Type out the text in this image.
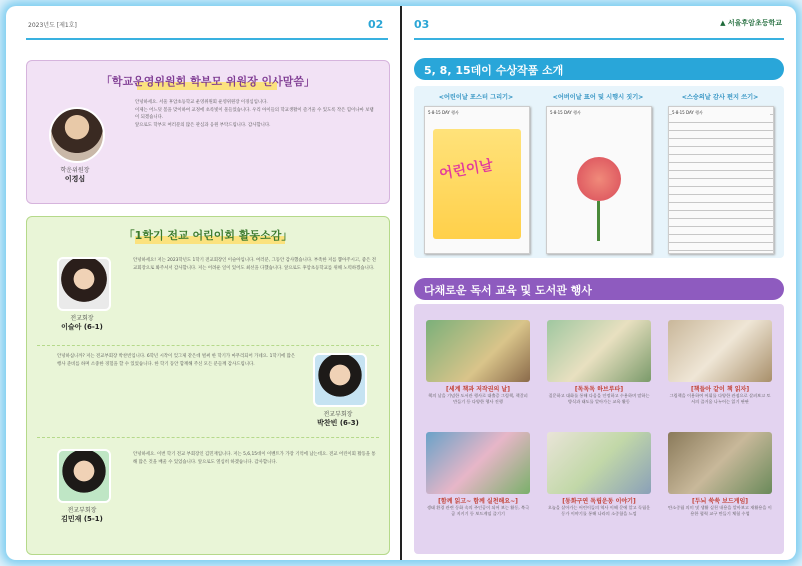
2023년도 [제1호]	02
「학교운영위원회 학부모 위원장 인사말씀」
학운위원장
이경심
안녕하세요. 서울 후암초등학교 운영위원회 운영위원장 이경심입니다.
이제는 어느덧 봄을 맞이하여 교정에 초록빛이 물들었습니다. 우리 아이들의 학교생활이 즐거울 수 있도록 작은 힘이나마 보탬이 되겠습니다.
앞으로도 학부모 여러분의 많은 관심과 응원 부탁드립니다. 감사합니다.
「1학기 전교 어린이회 활동소감」
전교회장
이슬아 (6-1)
안녕하세요! 저는 2023학년도 1학기 전교회장인 이슬아입니다. 여러분, 그동안 감사했습니다. 부족한 저를 뽑아주시고, 좋은 전교회장으로 봐주셔서 감사합니다. 저는 어려운 일이 있어도 최선을 다했습니다. 앞으로도 후암초등학교를 위해 노력하겠습니다.
안녕하십니까? 저는 전교부회장 박찬빈입니다. 6학년 시작이 엊그제 같은데 벌써 한 학기가 마무리되어 가네요. 1학기에 많은 행사 준비를 하며 소중한 경험을 할 수 있었습니다. 한 학기 동안 함께해 주신 모든 분들께 감사드립니다.
전교부회장
박찬빈 (6-3)
전교부회장
김민재 (5-1)
안녕하세요. 이번 학기 전교 부회장인 김민재입니다. 저는 5,6,15데이 이벤트가 가장 기억에 남는데요. 전교 어린이회 활동을 통해 많은 것을 배울 수 있었습니다. 앞으로도 열심히 하겠습니다. 감사합니다.
03	▲ 서울후암초등학교
5, 8, 15데이 수상작품 소개
<어린이날 포스터 그리기>
5·8·15 DAY 행사
어린이날
<어버이날 표어 및 시행시 짓기>
5·8·15 DAY 행사
<스승의날 감사 편지 쓰기>
5·8·15 DAY 행사
다채로운 독서 교육 및 도서관 행사
[세계 책과 저작권의 날]
책의 날을 기념한 도서관 행사로 대출증 그림책, 책갈피 만들기 등 다양한 행사 진행
[독독독 하브루타]
질문하고 대화를 통해 다음을 인정하고 수용하며 말하는 방식과 태도를 알아가는 교육 활동
[책들아 같이 책 읽자]
그림책을 이용하여 어휘를 다양한 관점으로 살펴보고 토서의 즐거움 나누어는 읽기 판판
[함께 읽고~ 함께 실천해요~]
생태 환경 관련 동화 속의 주인공이 되어 보는 활동, 북극곰 지키기 등 보드게임 즐기기
[동화구연 독립운동 이야기]
오늘을 살아가는 어린이들의 역사 이해 문에 알고 독립운동가 이야기를 통해 나라의 소중함을 느낌
[두뇌 쑥쑥 보드게임]
탄소중립 의미 및 생활 실천 내용을 알아보고 재활용을 이용한 협력 교구 만들기 체험 수업
